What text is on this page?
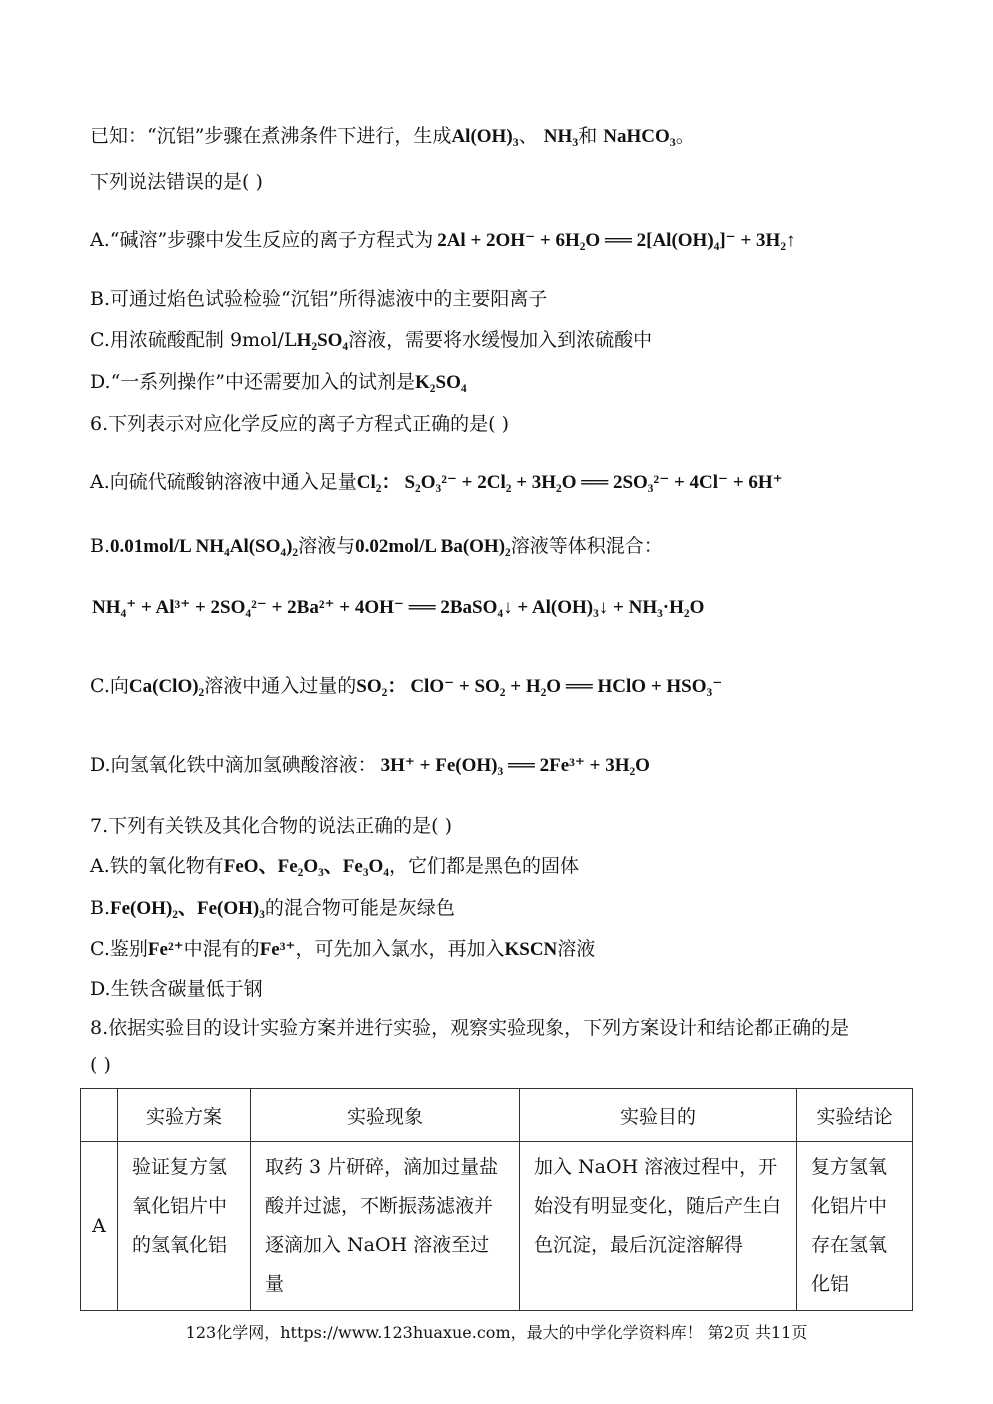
已知：“沉铝”步骤在煮沸条件下进行，生成$Al(OH)_3$、 $NH_3$和 NaHCO$_3$。
下列说法错误的是( )
A.“碱溶”步骤中发生反应的离子方程式为 2Al + 2OH⁻ + 6H₂O ══ 2[Al(OH)₄]⁻ + 3H₂↑
B.可通过焰色试验检验“沉铝”所得滤液中的主要阳离子
C.用浓硫酸配制 9mol/LH₂SO₄溶液，需要将水缓慢加入到浓硫酸中
D.“一系列操作”中还需要加入的试剂是K₂SO₄
6.下列表示对应化学反应的离子方程式正确的是( )
A.向硫代硫酸钠溶液中通入足量Cl₂： S₂O₃²⁻ + 2Cl₂ + 3H₂O ══ 2SO₃²⁻ + 4Cl⁻ + 6H⁺
B.0.01mol/L NH₄Al(SO₄)₂溶液与0.02mol/L Ba(OH)₂溶液等体积混合：
NH₄⁺ + Al³⁺ + 2SO₄²⁻ + 2Ba²⁺ + 4OH⁻ ══ 2BaSO₄↓ + Al(OH)₃↓ + NH₃·H₂O
C.向Ca(ClO)₂溶液中通入过量的SO₂： ClO⁻ + SO₂ + H₂O ══ HClO + HSO₃⁻
D.向氢氧化铁中滴加氢碘酸溶液： 3H⁺ + Fe(OH)₃ ══ 2Fe³⁺ + 3H₂O
7.下列有关铁及其化合物的说法正确的是( )
A.铁的氧化物有FeO、Fe₂O₃、Fe₃O₄，它们都是黑色的固体
B.Fe(OH)₂、Fe(OH)₃的混合物可能是灰绿色
C.鉴别Fe²⁺中混有的Fe³⁺，可先加入氯水，再加入KSCN溶液
D.生铁含碳量低于钢
8.依据实验目的设计实验方案并进行实验，观察实验现象，下列方案设计和结论都正确的是
( )
	实验方案	实验现象	实验目的	实验结论
A	验证复方氢氧化铝片中的氢氧化铝	取药 3 片研碎，滴加过量盐酸并过滤，不断振荡滤液并逐滴加入 NaOH 溶液至过量	加入 NaOH 溶液过程中，开始没有明显变化，随后产生白色沉淀，最后沉淀溶解得	复方氢氧化铝片中存在氢氧化铝
123化学网，https://www.123huaxue.com，最大的中学化学资料库！ 第2页 共11页
